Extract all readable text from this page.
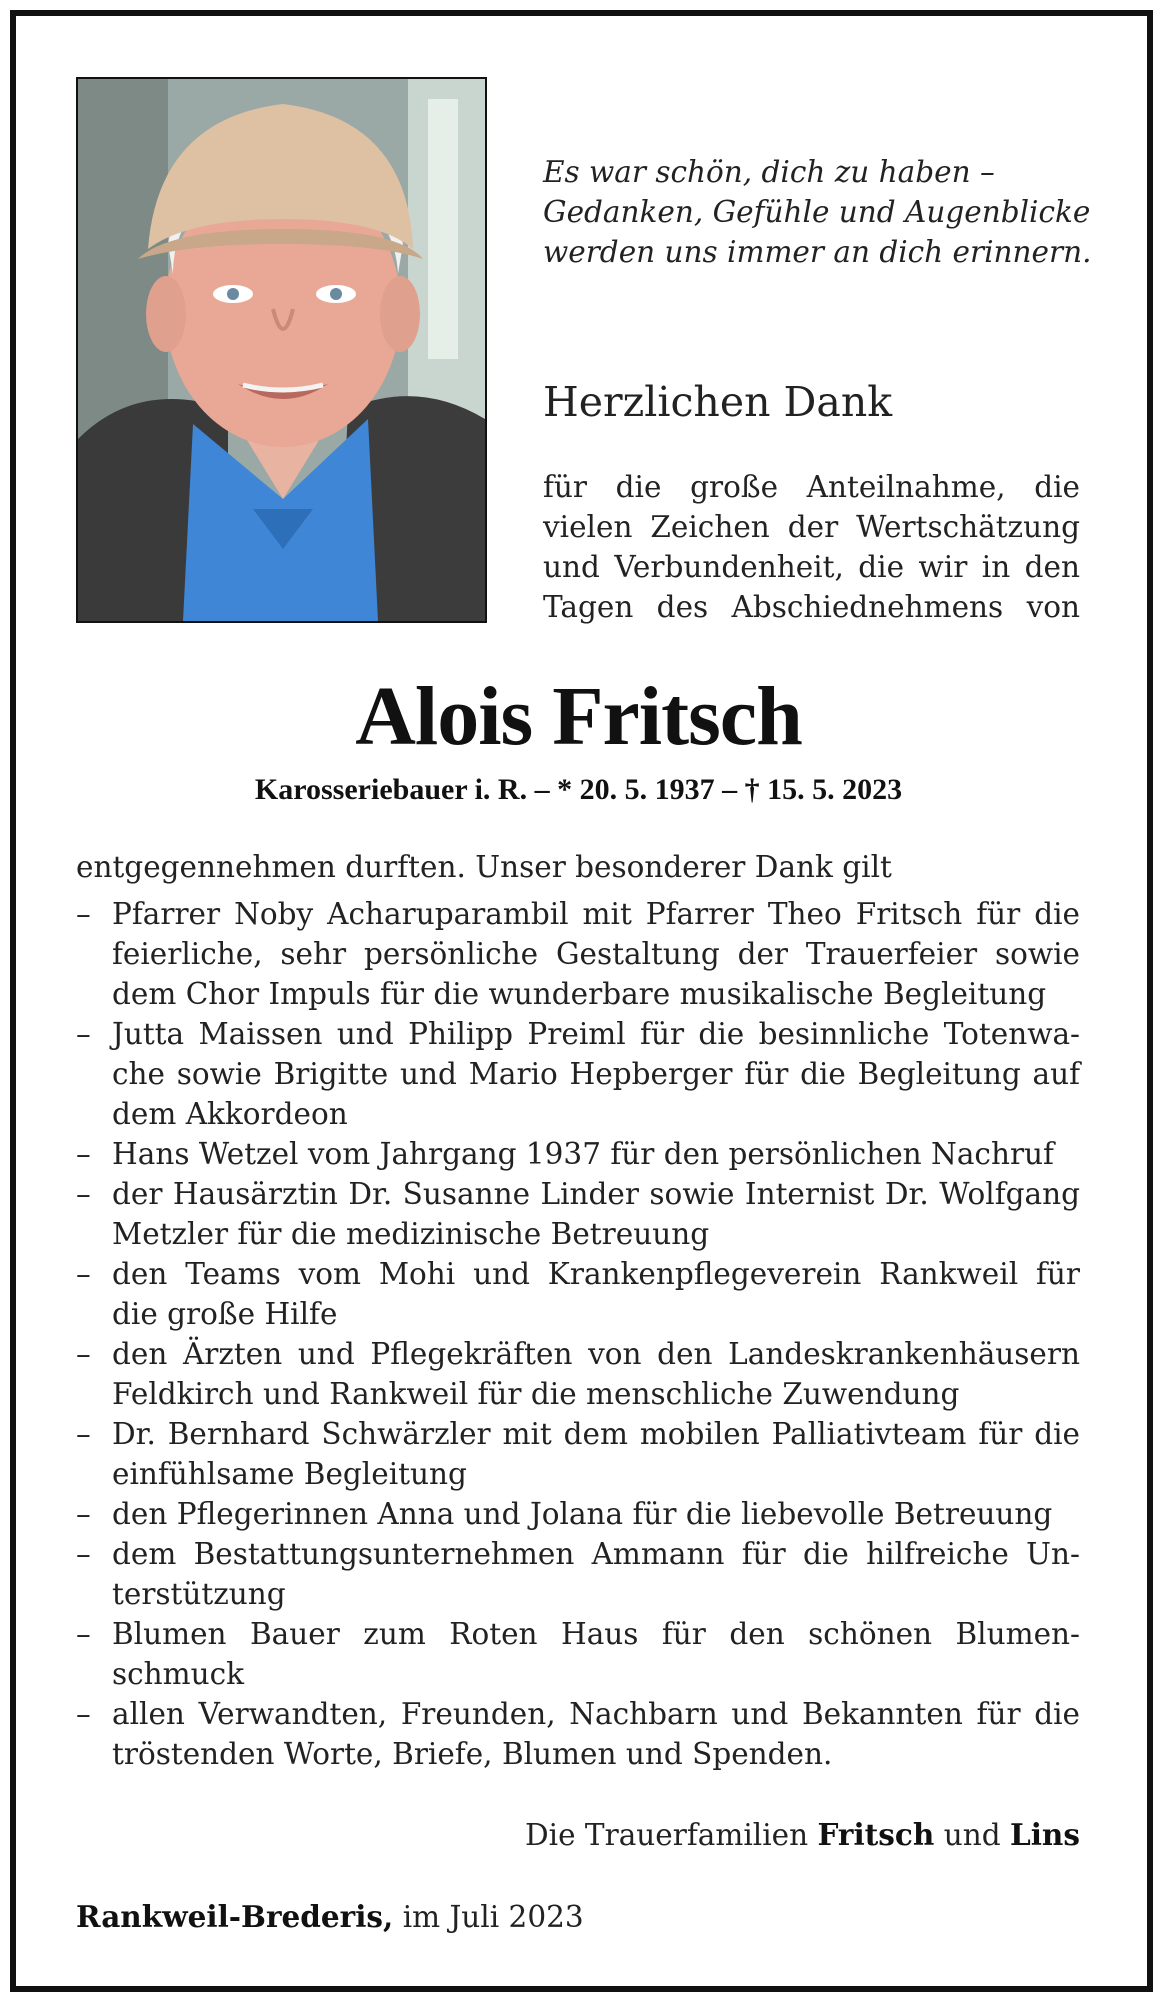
Es war schön, dich zu haben –
Gedanken, Gefühle und Augenblicke
werden uns immer an dich erinnern.
Herzlichen Dank
für die große Anteilnahme, die
vielen Zeichen der Wertschätzung
und Verbundenheit, die wir in den
Tagen des Abschiednehmens von
Alois Fritsch
Karosseriebauer i. R. – * 20. 5. 1937 – † 15. 5. 2023
entgegennehmen durften. Unser besonderer Dank gilt
– Pfarrer Noby Acharuparambil mit Pfarrer Theo Fritsch für die
feierliche, sehr persönliche Gestaltung der Trauerfeier sowie
dem Chor Impuls für die wunderbare musikalische Begleitung
– Jutta Maissen und Philipp Preiml für die besinnliche Totenwa-
che sowie Brigitte und Mario Hepberger für die Begleitung auf
dem Akkordeon
– Hans Wetzel vom Jahrgang 1937 für den persönlichen Nachruf
– der Hausärztin Dr. Susanne Linder sowie Internist Dr. Wolfgang
Metzler für die medizinische Betreuung
– den Teams vom Mohi und Krankenpflegeverein Rankweil für
die große Hilfe
– den Ärzten und Pflegekräften von den Landeskrankenhäusern
Feldkirch und Rankweil für die menschliche Zuwendung
– Dr. Bernhard Schwärzler mit dem mobilen Palliativteam für die
einfühlsame Begleitung
– den Pflegerinnen Anna und Jolana für die liebevolle Betreuung
– dem Bestattungsunternehmen Ammann für die hilfreiche Un-
terstützung
– Blumen Bauer zum Roten Haus für den schönen Blumen-
schmuck
– allen Verwandten, Freunden, Nachbarn und Bekannten für die
tröstenden Worte, Briefe, Blumen und Spenden.
Die Trauerfamilien Fritsch und Lins
Rankweil-Brederis, im Juli 2023
